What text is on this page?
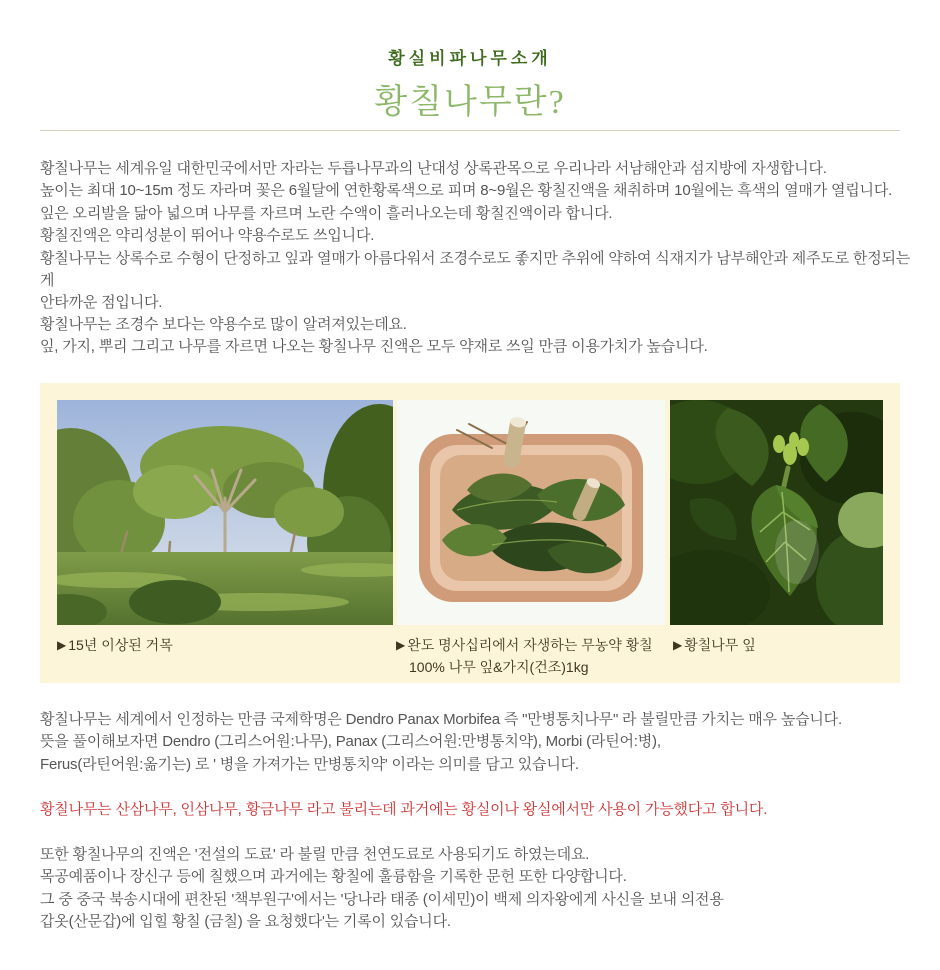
황실비파나무소개
황칠나무란?
황칠나무는 세계유일 대한민국에서만 자라는 두릅나무과의 난대성 상록관목으로 우리나라 서남해안과 섬지방에 자생합니다.
높이는 최대 10~15m 정도 자라며 꽃은 6월달에 연한황록색으로 피며 8~9월은 황칠진액을 채취하며 10월에는 흑색의 열매가 열립니다.
잎은 오리발을 닮아 넓으며 나무를 자르며 노란 수액이 흘러나오는데 황칠진액이라 합니다.
황칠진액은 약리성분이 뛰어나 약용수로도 쓰입니다.
황칠나무는 상록수로 수형이 단정하고 잎과 열매가 아름다워서 조경수로도 좋지만 추위에 약하여 식재지가 남부해안과 제주도로 한정되는게
안타까운 점입니다.
황칠나무는 조경수 보다는 약용수로 많이 알려져있는데요.
잎, 가지, 뿌리 그리고 나무를 자르면 나오는 황칠나무 진액은 모두 약재로 쓰일 만큼 이용가치가 높습니다.
▶ 15년 이상된 거목	▶ 완도 명사십리에서 자생하는 무농약 황칠
100% 나무 잎&가지(건조)1kg
▶ 황칠나무 잎
황칠나무는 세계에서 인정하는 만큼 국제학명은 Dendro Panax Morbifea 즉 "만병통치나무" 라 불릴만큼 가치는 매우 높습니다.
뜻을 풀이해보자면 Dendro (그리스어원:나무), Panax (그리스어원:만병통치약), Morbi (라틴어:병),
Ferus(라틴어원:옮기는) 로 ' 병을 가져가는 만병통치약' 이라는 의미를 담고 있습니다.
황칠나무는 산삼나무, 인삼나무, 황금나무 라고 불리는데 과거에는 황실이나 왕실에서만 사용이 가능했다고 합니다.
또한 황칠나무의 진액은 '전설의 도료' 라 불릴 만큼 천연도료로 사용되기도 하였는데요.
목공예품이나 장신구 등에 칠했으며 과거에는 황칠에 훌륭함을 기록한 문헌 또한 다양합니다.
그 중 중국 북송시대에 편찬된 '책부원구'에서는 '당나라 태종 (이세민)이 백제 의자왕에게 사신을 보내 의전용
갑옷(산문갑)에 입힐 황칠 (금칠) 을 요청했다'는 기록이 있습니다.
